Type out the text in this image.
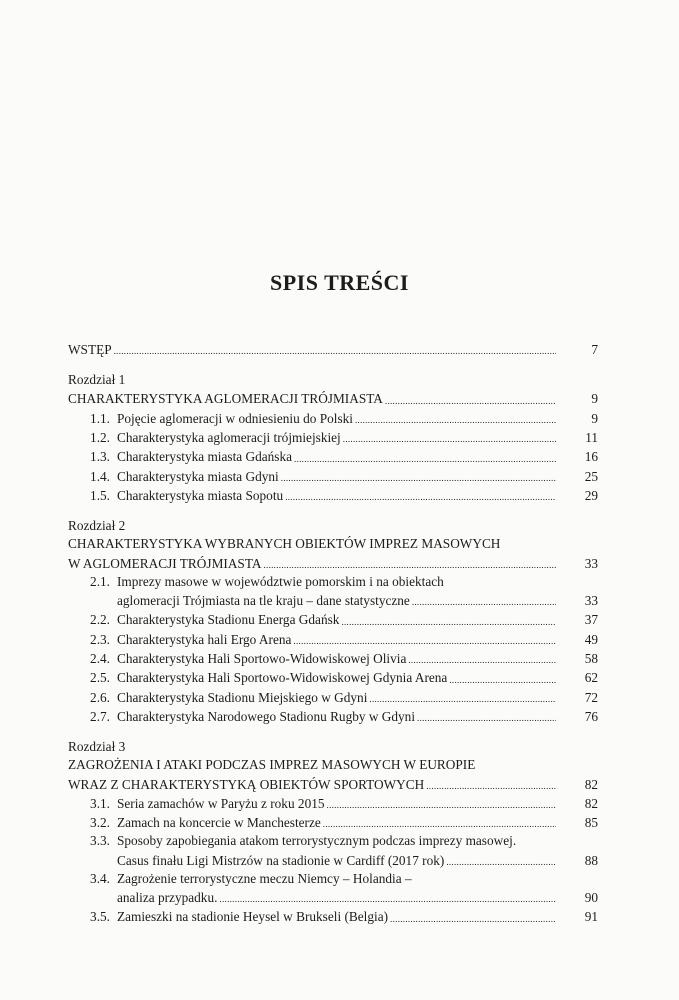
SPIS TREŚCI
WSTĘP .....	7
Rozdział 1
CHARAKTERYSTYKA AGLOMERACJI TRÓJMIASTA .....	9
1.1. Pojęcie aglomeracji w odniesieniu do Polski .....	9
1.2. Charakterystyka aglomeracji trójmiejskiej .....	11
1.3. Charakterystyka miasta Gdańska .....	16
1.4. Charakterystyka miasta Gdyni .....	25
1.5. Charakterystyka miasta Sopotu .....	29
Rozdział 2
CHARAKTERYSTYKA WYBRANYCH OBIEKTÓW IMPREZ MASOWYCH
W AGLOMERACJI TRÓJMIASTA .....	33
2.1. Imprezy masowe w województwie pomorskim i na obiektach
aglomeracji Trójmiasta na tle kraju – dane statystyczne .....	33
2.2. Charakterystyka Stadionu Energa Gdańsk .....	37
2.3. Charakterystyka hali Ergo Arena .....	49
2.4. Charakterystyka Hali Sportowo-Widowiskowej Olivia .....	58
2.5. Charakterystyka Hali Sportowo-Widowiskowej Gdynia Arena .....	62
2.6. Charakterystyka Stadionu Miejskiego w Gdyni .....	72
2.7. Charakterystyka Narodowego Stadionu Rugby w Gdyni .....	76
Rozdział 3
ZAGROŻENIA I ATAKI PODCZAS IMPREZ MASOWYCH W EUROPIE
WRAZ Z CHARAKTERYSTYKĄ OBIEKTÓW SPORTOWYCH .....	82
3.1. Seria zamachów w Paryżu z roku 2015 .....	82
3.2. Zamach na koncercie w Manchesterze .....	85
3.3. Sposoby zapobiegania atakom terrorystycznym podczas imprezy masowej.
Casus finału Ligi Mistrzów na stadionie w Cardiff (2017 rok) .....	88
3.4. Zagrożenie terrorystyczne meczu Niemcy – Holandia –
analiza przypadku. .....	90
3.5. Zamieszki na stadionie Heysel w Brukseli (Belgia) .....	91
